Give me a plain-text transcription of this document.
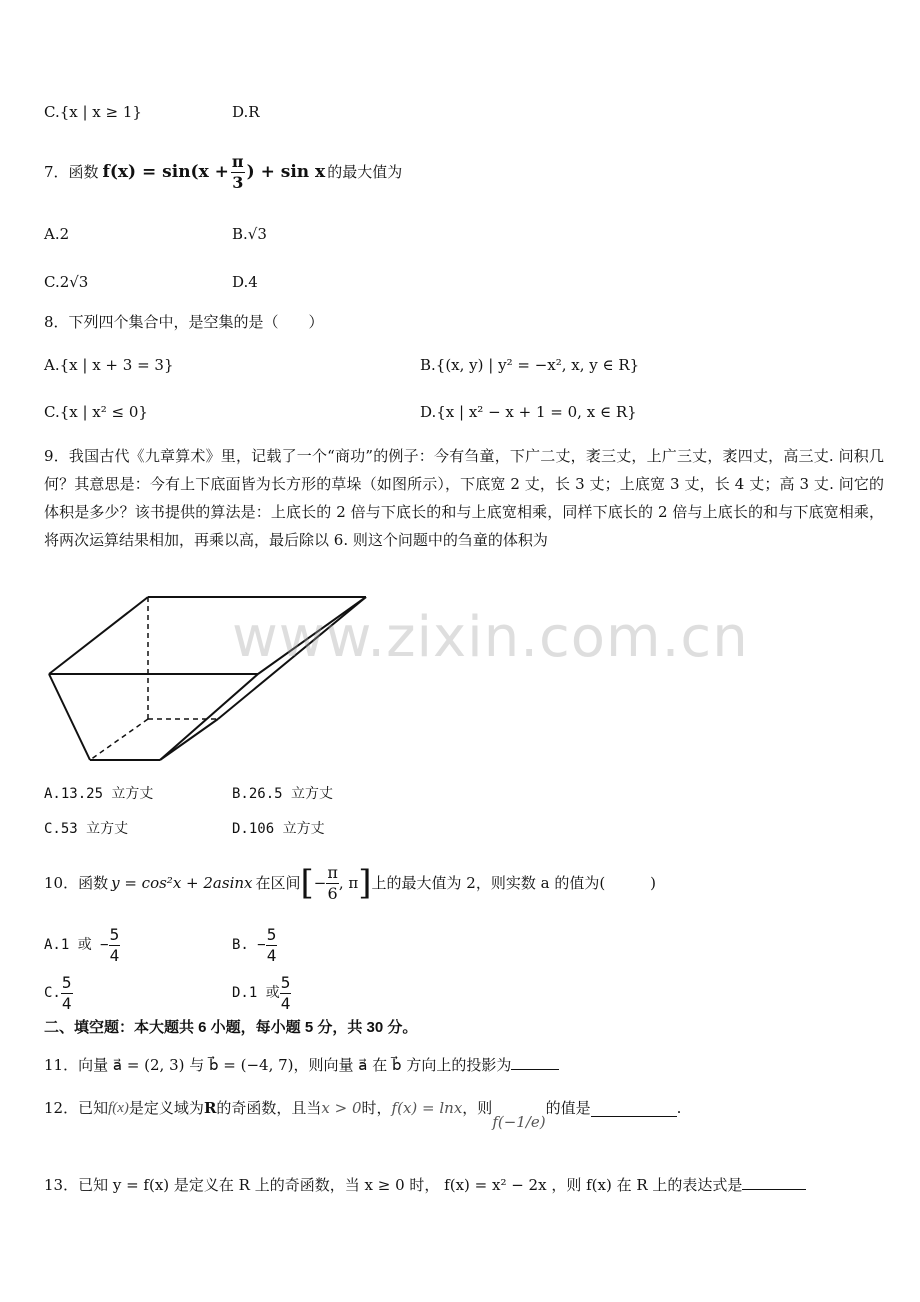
C.{x | x ≥ 1}	D.R
7．函数 $f(x) = \sin(x + \frac{\pi}{3}$ ) + sin x 的最大值为
A.2	B.√3
C.2√3	D.4
8．下列四个集合中，是空集的是（　　）
A.{x | x + 3 = 3}	B.{(x, y) | y² = −x², x, y ∈ R}
C.{x | x² ≤ 0}	D.{x | x² − x + 1 = 0, x ∈ R}
9．我国古代《九章算术》里，记载了一个“商功”的例子：今有刍童，下广二丈，袤三丈，上广三丈，袤四丈，高三丈. 问积几何？其意思是：今有上下底面皆为长方形的草垛（如图所示），下底宽 2 丈，长 3 丈；上底宽 3 丈，长 4 丈；高 3 丈. 问它的体积是多少？该书提供的算法是：上底长的 2 倍与下底长的和与上底宽相乘，同样下底长的 2 倍与上底长的和与下底宽相乘，将两次运算结果相加，再乘以高，最后除以 6. 则这个问题中的刍童的体积为
www.zixin.com.cn
A.13.25 立方丈	B.26.5 立方丈
C.53 立方丈	D.106 立方丈
10．函数 y = cos²x + 2asinx 在区间 [ − $\frac{\pi}{6}$ , π ] 上的最大值为 2，则实数 a 的值为(　　　)
A.1 或 − $\frac{5}{4}$	B. − $\frac{5}{4}$
C. $\frac{5}{4}$	D.1 或 $\frac{5}{4}$
二、填空题：本大题共 6 小题，每小题 5 分，共 30 分。
11．向量 a⃗ = (2, 3) 与 b⃗ = (−4, 7)，则向量 a⃗ 在 b⃗ 方向上的投影为
12．已知 f(x) 是定义域为 R 的奇函数，且当 x > 0 时， f(x) = lnx ，则
f(−1/e)
的值是	.
13．已知 y = f(x) 是定义在 R 上的奇函数，当 x ≥ 0 时， f(x) = x² − 2x ，则 f(x) 在 R 上的表达式是
